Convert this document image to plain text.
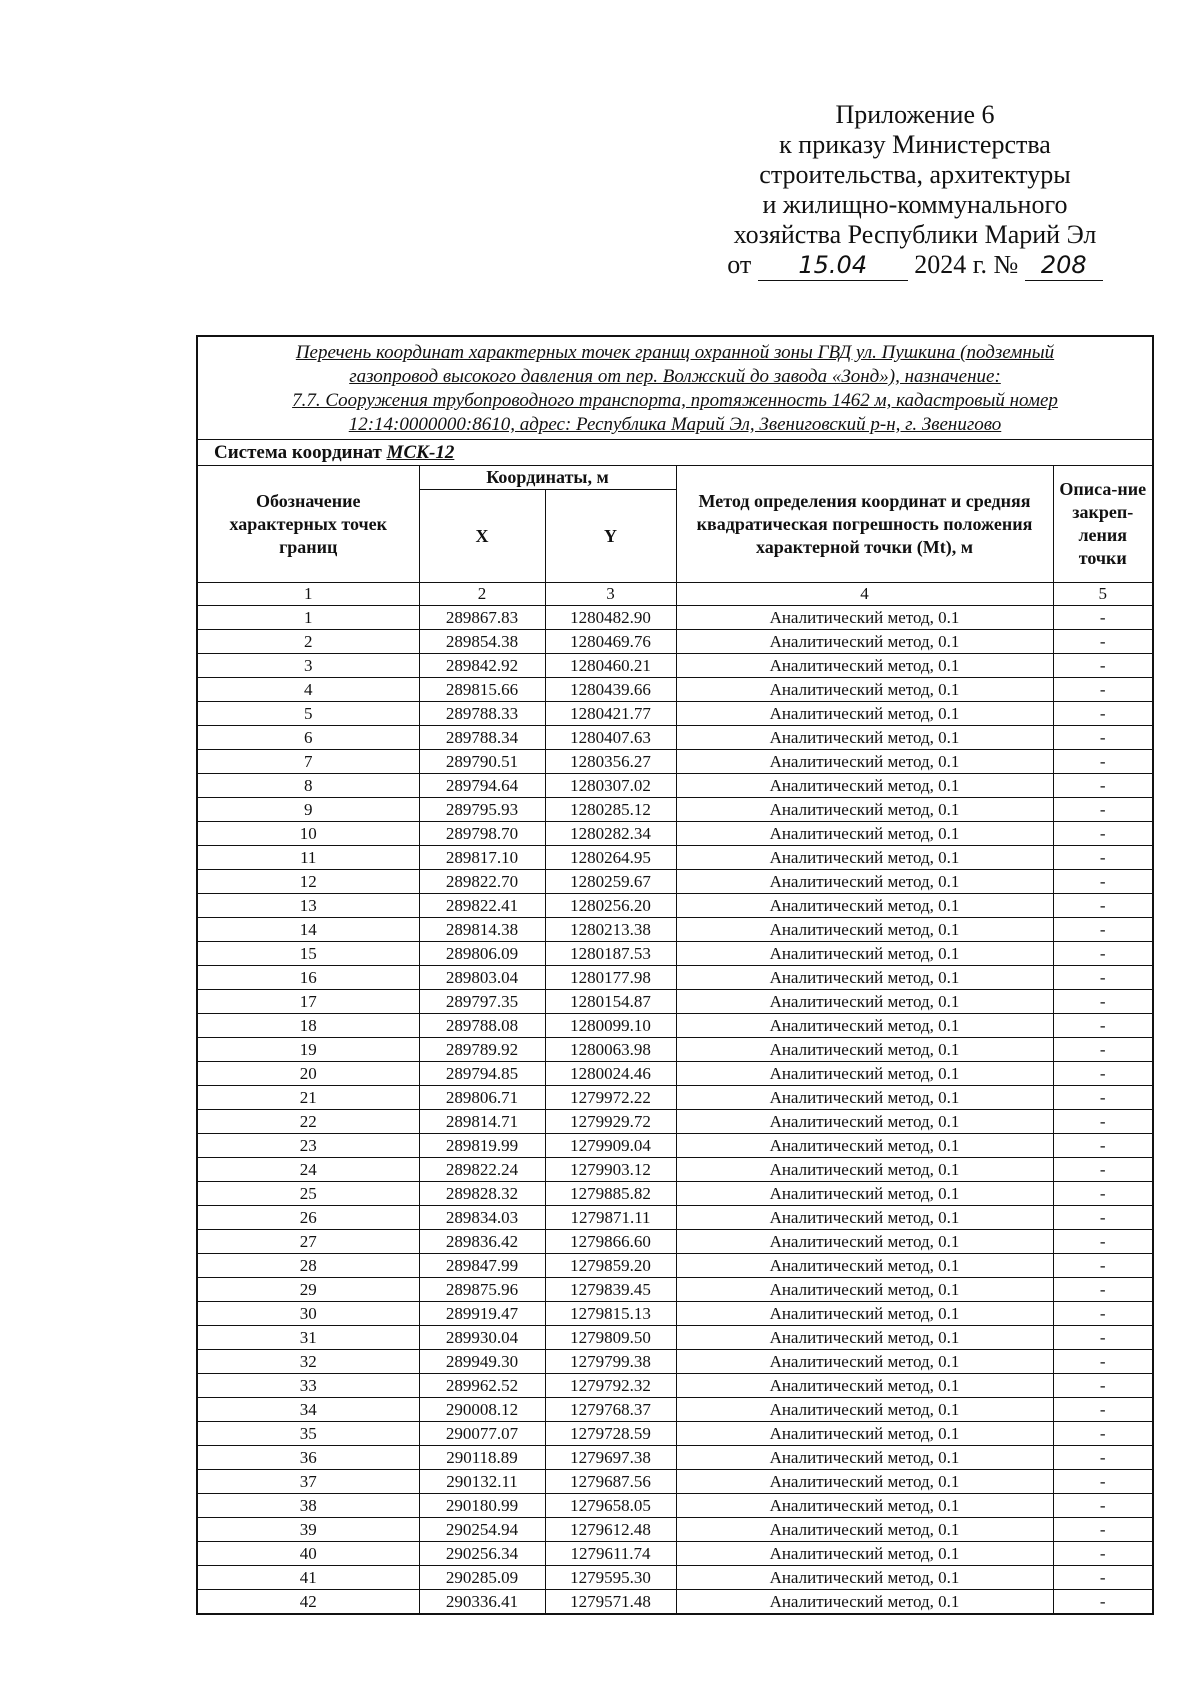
Приложение 6
к приказу Министерства
строительства, архитектуры
и жилищно-коммунального
хозяйства Республики Марий Эл
от 15.04 2024 г. № 208
Перечень координат характерных точек границ охранной зоны ГВД ул. Пушкина (подземный
газопровод высокого давления от пер. Волжский до завода «Зонд»), назначение:
7.7. Сооружения трубопроводного транспорта, протяженность 1462 м, кадастровый номер
12:14:0000000:8610, адрес: Республика Марий Эл, Звениговский р-н, г. Звенигово
Система координат МСК-12
Обозначение характерных точек границ	Координаты, м		Метод определения координат и средняя квадратическая погрешность положения характерной точки (Mt), м	Описа-ние закреп-ления точки
	X	Y		
1	2	3	4	5
1	289867.83	1280482.90	Аналитический метод, 0.1	-
2	289854.38	1280469.76	Аналитический метод, 0.1	-
3	289842.92	1280460.21	Аналитический метод, 0.1	-
4	289815.66	1280439.66	Аналитический метод, 0.1	-
5	289788.33	1280421.77	Аналитический метод, 0.1	-
6	289788.34	1280407.63	Аналитический метод, 0.1	-
7	289790.51	1280356.27	Аналитический метод, 0.1	-
8	289794.64	1280307.02	Аналитический метод, 0.1	-
9	289795.93	1280285.12	Аналитический метод, 0.1	-
10	289798.70	1280282.34	Аналитический метод, 0.1	-
11	289817.10	1280264.95	Аналитический метод, 0.1	-
12	289822.70	1280259.67	Аналитический метод, 0.1	-
13	289822.41	1280256.20	Аналитический метод, 0.1	-
14	289814.38	1280213.38	Аналитический метод, 0.1	-
15	289806.09	1280187.53	Аналитический метод, 0.1	-
16	289803.04	1280177.98	Аналитический метод, 0.1	-
17	289797.35	1280154.87	Аналитический метод, 0.1	-
18	289788.08	1280099.10	Аналитический метод, 0.1	-
19	289789.92	1280063.98	Аналитический метод, 0.1	-
20	289794.85	1280024.46	Аналитический метод, 0.1	-
21	289806.71	1279972.22	Аналитический метод, 0.1	-
22	289814.71	1279929.72	Аналитический метод, 0.1	-
23	289819.99	1279909.04	Аналитический метод, 0.1	-
24	289822.24	1279903.12	Аналитический метод, 0.1	-
25	289828.32	1279885.82	Аналитический метод, 0.1	-
26	289834.03	1279871.11	Аналитический метод, 0.1	-
27	289836.42	1279866.60	Аналитический метод, 0.1	-
28	289847.99	1279859.20	Аналитический метод, 0.1	-
29	289875.96	1279839.45	Аналитический метод, 0.1	-
30	289919.47	1279815.13	Аналитический метод, 0.1	-
31	289930.04	1279809.50	Аналитический метод, 0.1	-
32	289949.30	1279799.38	Аналитический метод, 0.1	-
33	289962.52	1279792.32	Аналитический метод, 0.1	-
34	290008.12	1279768.37	Аналитический метод, 0.1	-
35	290077.07	1279728.59	Аналитический метод, 0.1	-
36	290118.89	1279697.38	Аналитический метод, 0.1	-
37	290132.11	1279687.56	Аналитический метод, 0.1	-
38	290180.99	1279658.05	Аналитический метод, 0.1	-
39	290254.94	1279612.48	Аналитический метод, 0.1	-
40	290256.34	1279611.74	Аналитический метод, 0.1	-
41	290285.09	1279595.30	Аналитический метод, 0.1	-
42	290336.41	1279571.48	Аналитический метод, 0.1	-
